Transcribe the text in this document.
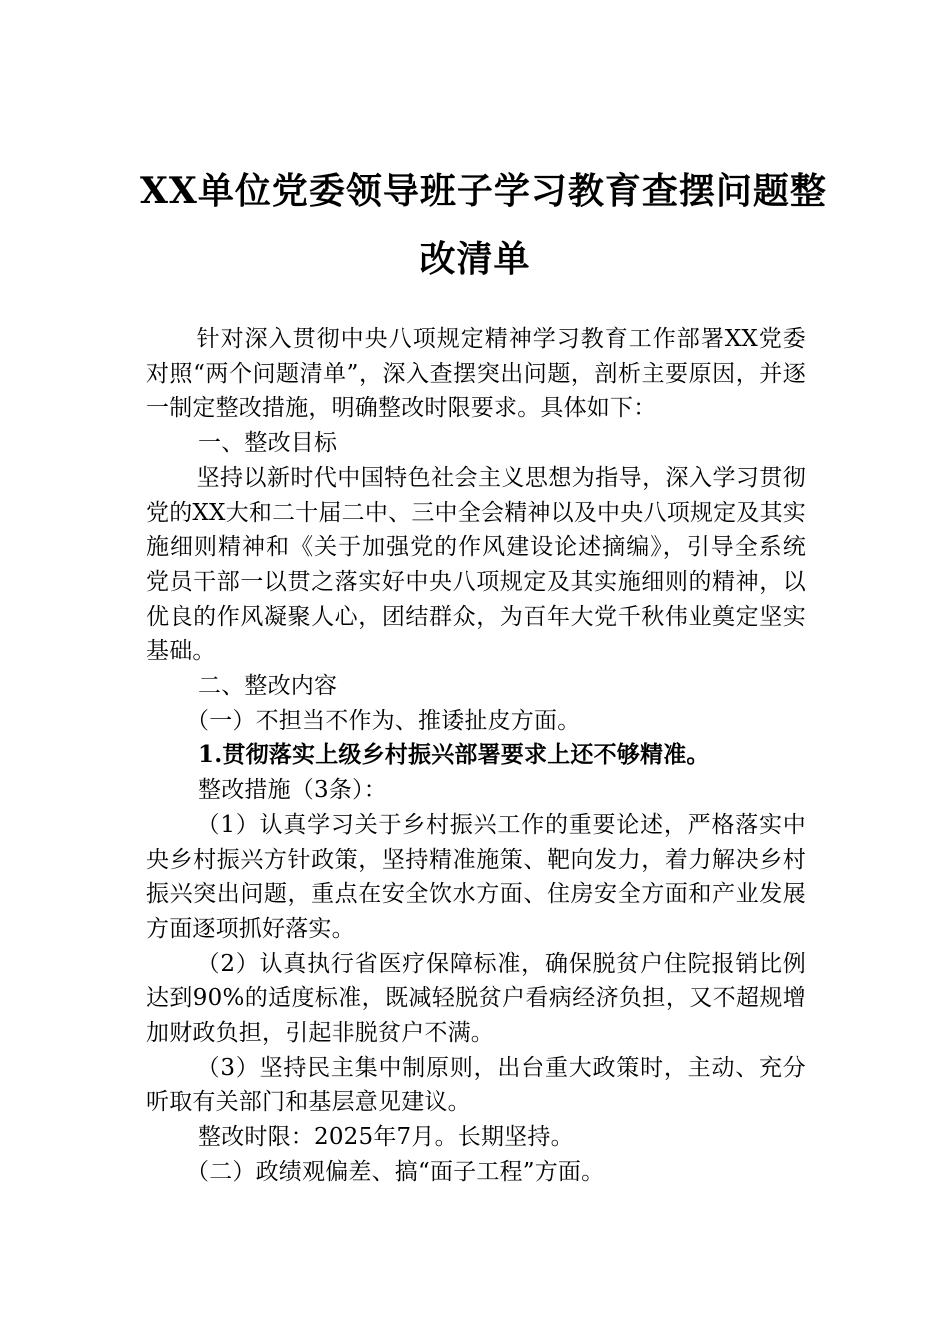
XX单位党委领导班子学习教育查摆问题整
改清单

针对深入贯彻中央八项规定精神学习教育工作部署XX党委对照“两个问题清单”，深入查摆突出问题，剖析主要原因，并逐一制定整改措施，明确整改时限要求。具体如下：

一、整改目标

坚持以新时代中国特色社会主义思想为指导，深入学习贯彻党的XX大和二十届二中、三中全会精神以及中央八项规定及其实施细则精神和《关于加强党的作风建设论述摘编》，引导全系统党员干部一以贯之落实好中央八项规定及其实施细则的精神，以优良的作风凝聚人心，团结群众，为百年大党千秋伟业奠定坚实基础。

二、整改内容

（一）不担当不作为、推诿扯皮方面。

1.贯彻落实上级乡村振兴部署要求上还不够精准。

整改措施（3条）：

（1）认真学习关于乡村振兴工作的重要论述，严格落实中央乡村振兴方针政策，坚持精准施策、靶向发力，着力解决乡村振兴突出问题，重点在安全饮水方面、住房安全方面和产业发展方面逐项抓好落实。

（2）认真执行省医疗保障标准，确保脱贫户住院报销比例达到90%的适度标准，既减轻脱贫户看病经济负担，又不超规增加财政负担，引起非脱贫户不满。

（3）坚持民主集中制原则，出台重大政策时，主动、充分听取有关部门和基层意见建议。

整改时限：2025年7月。长期坚持。

（二）政绩观偏差、搞“面子工程”方面。
